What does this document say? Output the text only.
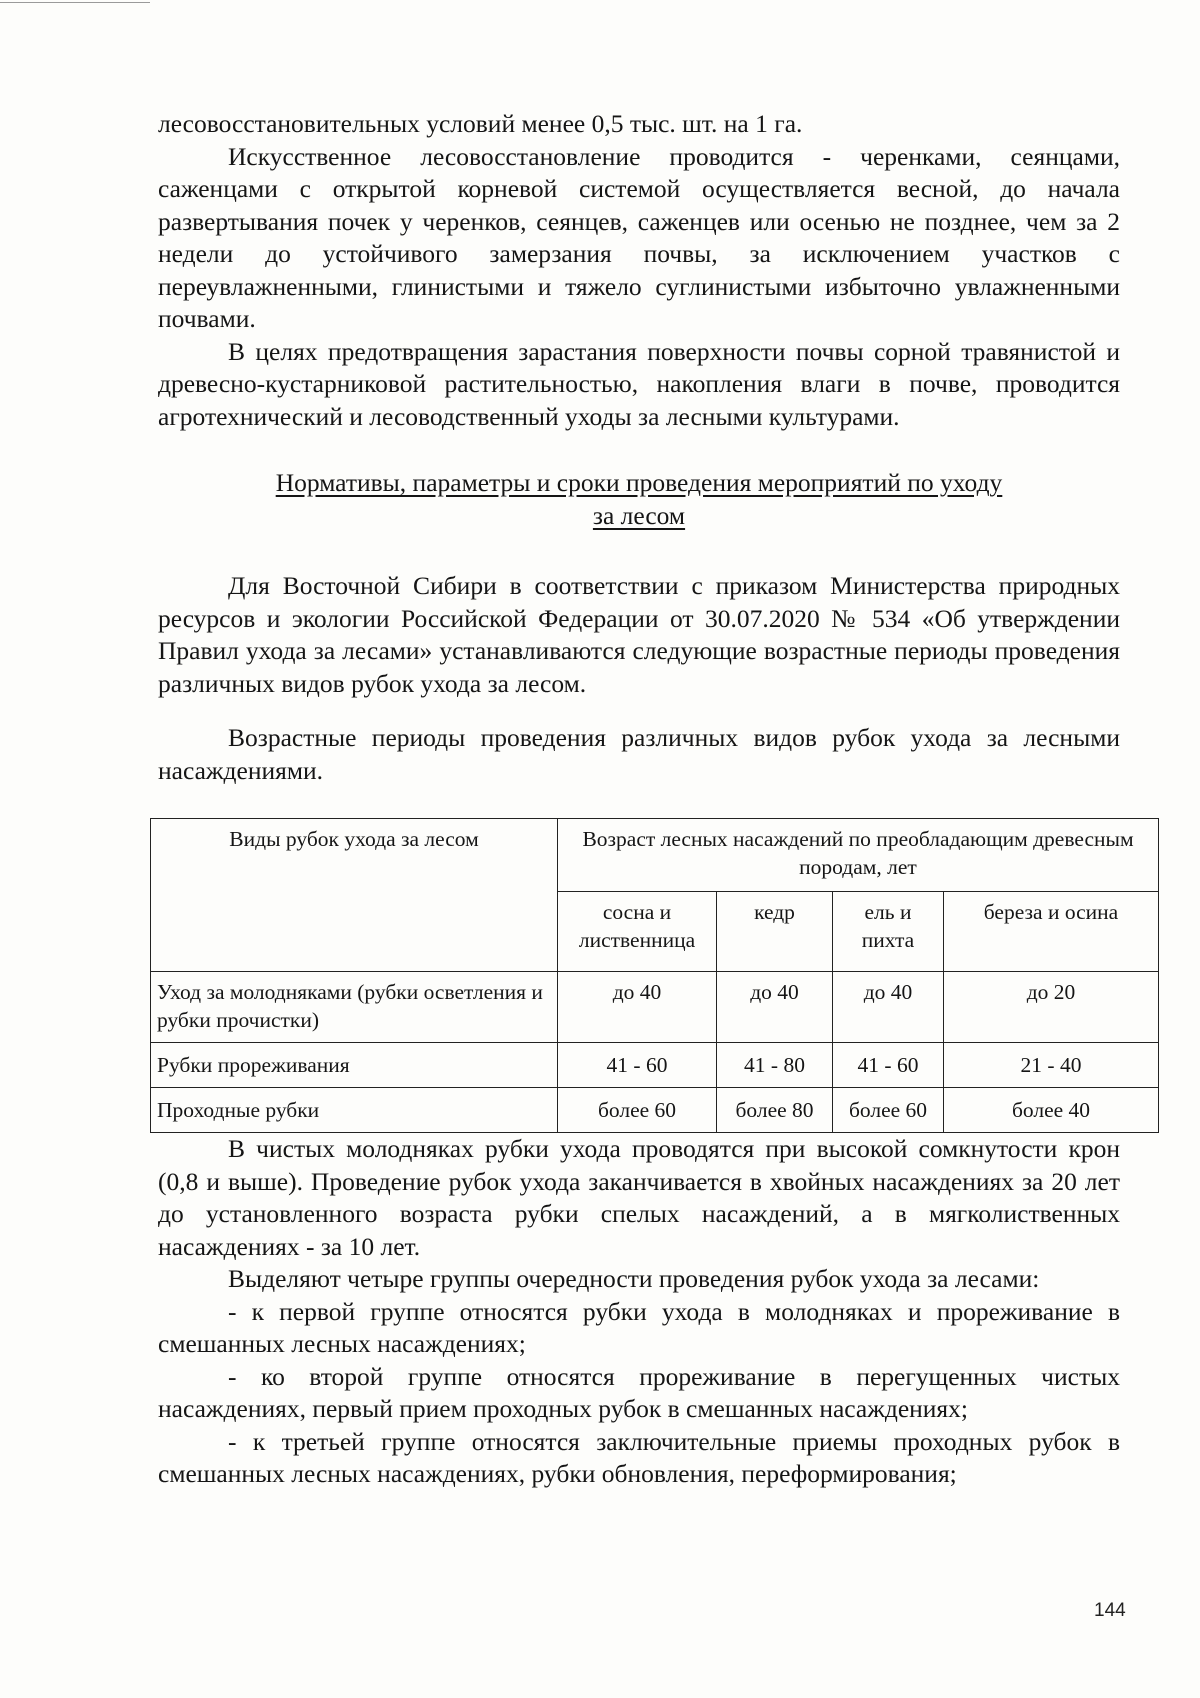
лесовосстановительных условий менее 0,5 тыс. шт. на 1 га.

Искусственное лесовосстановление проводится - черенками, сеянцами, саженцами с открытой корневой системой осуществляется весной, до начала развертывания почек у черенков, сеянцев, саженцев или осенью не позднее, чем за 2 недели до устойчивого замерзания почвы, за исключением участков с переувлажненными, глинистыми и тяжело суглинистыми избыточно увлажненными почвами.

В целях предотвращения зарастания поверхности почвы сорной травянистой и древесно-кустарниковой растительностью, накопления влаги в почве, проводится агротехнический и лесоводственный уходы за лесными культурами.

Нормативы, параметры и сроки проведения мероприятий по уходу

за лесом

Для Восточной Сибири в соответствии с приказом Министерства природных ресурсов и экологии Российской Федерации от 30.07.2020 № 534 «Об утверждении Правил ухода за лесами» устанавливаются следующие возрастные периоды проведения различных видов рубок ухода за лесом.

Возрастные периоды проведения различных видов рубок ухода за лесными насаждениями.

Виды рубок ухода за лесом	Возраст лесных насаждений по преобладающим древесным породам, лет			
	сосна и лиственница	кедр	ель и пихта	береза и осина
Уход за молодняками (рубки осветления и рубки прочистки)	до 40	до 40	до 40	до 20
Рубки прореживания	41 - 60	41 - 80	41 - 60	21 - 40
Проходные рубки	более 60	более 80	более 60	более 40

В чистых молодняках рубки ухода проводятся при высокой сомкнутости крон (0,8 и выше). Проведение рубок ухода заканчивается в хвойных насаждениях за 20 лет до установленного возраста рубки спелых насаждений, а в мягколиственных насаждениях - за 10 лет.

Выделяют четыре группы очередности проведения рубок ухода за лесами:

- к первой группе относятся рубки ухода в молодняках и прореживание в смешанных лесных насаждениях;

- ко второй группе относятся прореживание в перегущенных чистых насаждениях, первый прием проходных рубок в смешанных насаждениях;

- к третьей группе относятся заключительные приемы проходных рубок в смешанных лесных насаждениях, рубки обновления, переформирования;

144
